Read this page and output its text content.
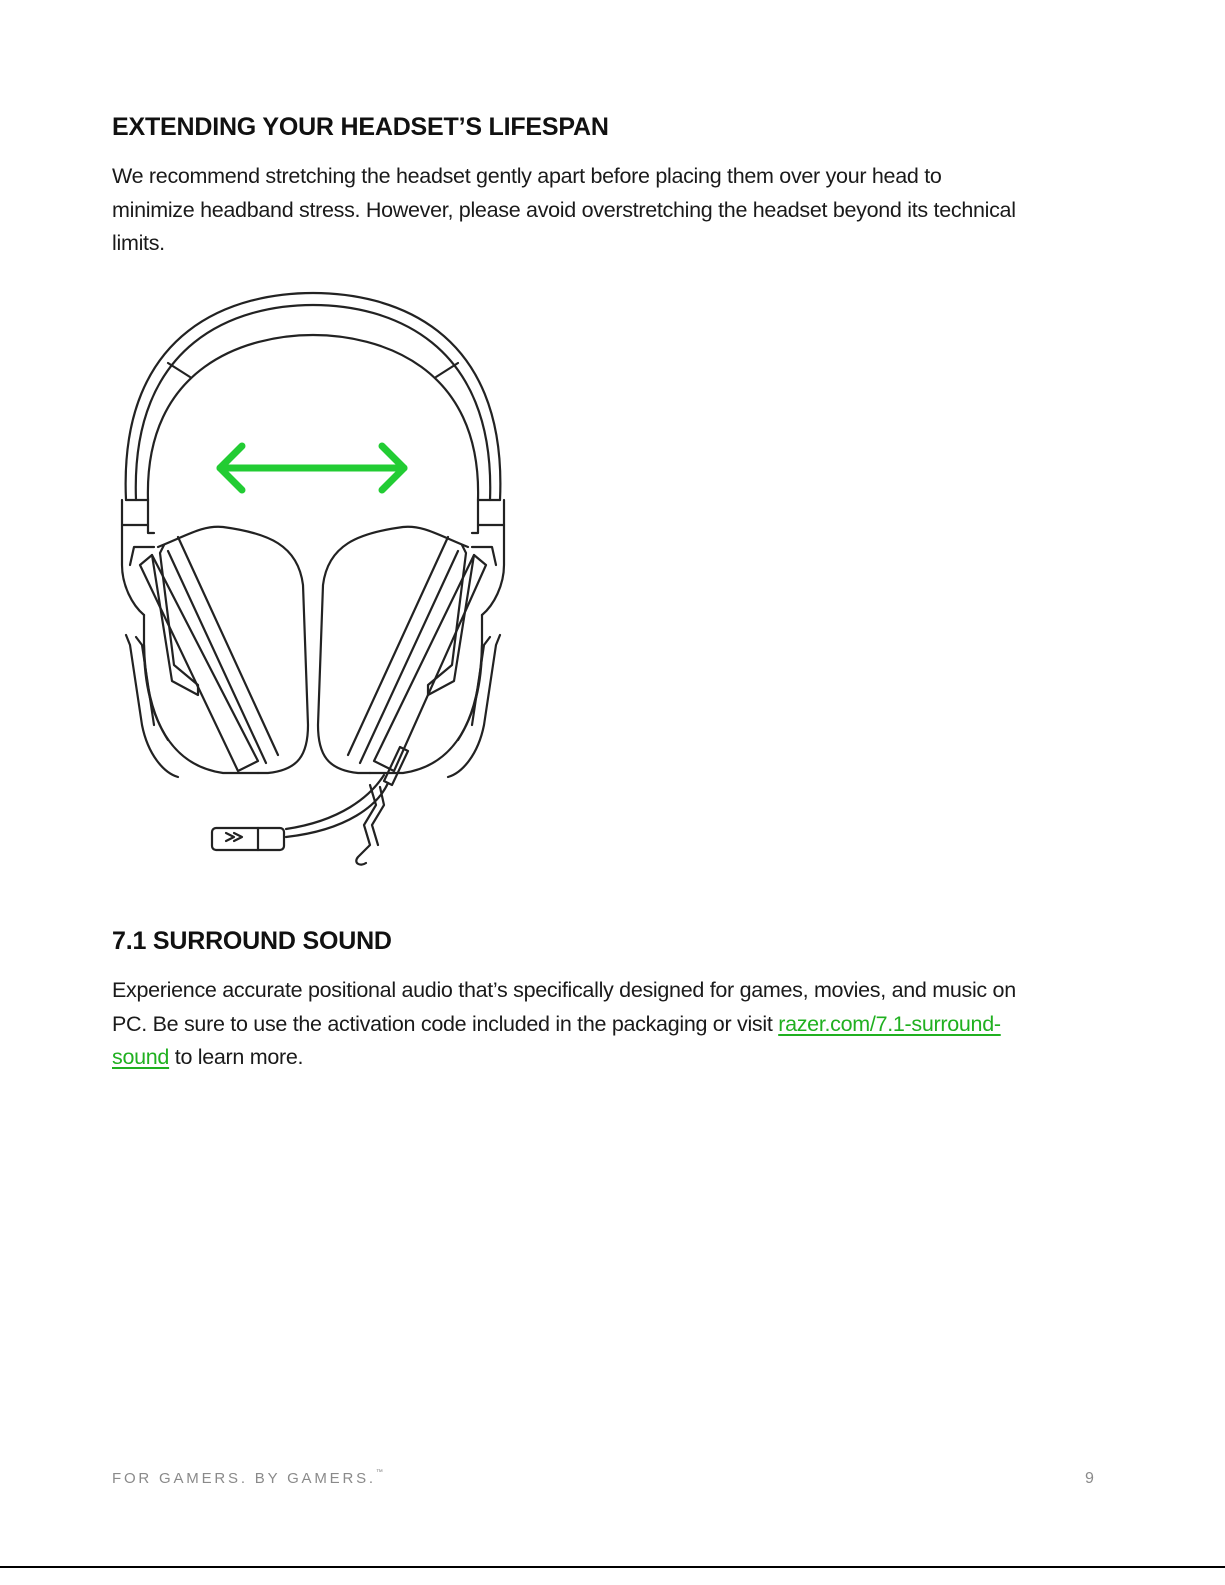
EXTENDING YOUR HEADSET’S LIFESPAN

We recommend stretching the headset gently apart before placing them over your head to
minimize headband stress. However, please avoid overstretching the headset beyond its technical
limits.

7.1 SURROUND SOUND

Experience accurate positional audio that’s specifically designed for games, movies, and music on
PC. Be sure to use the activation code included in the packaging or visit razer.com/7.1-surround-
sound to learn more.

FOR GAMERS. BY GAMERS.™	9
